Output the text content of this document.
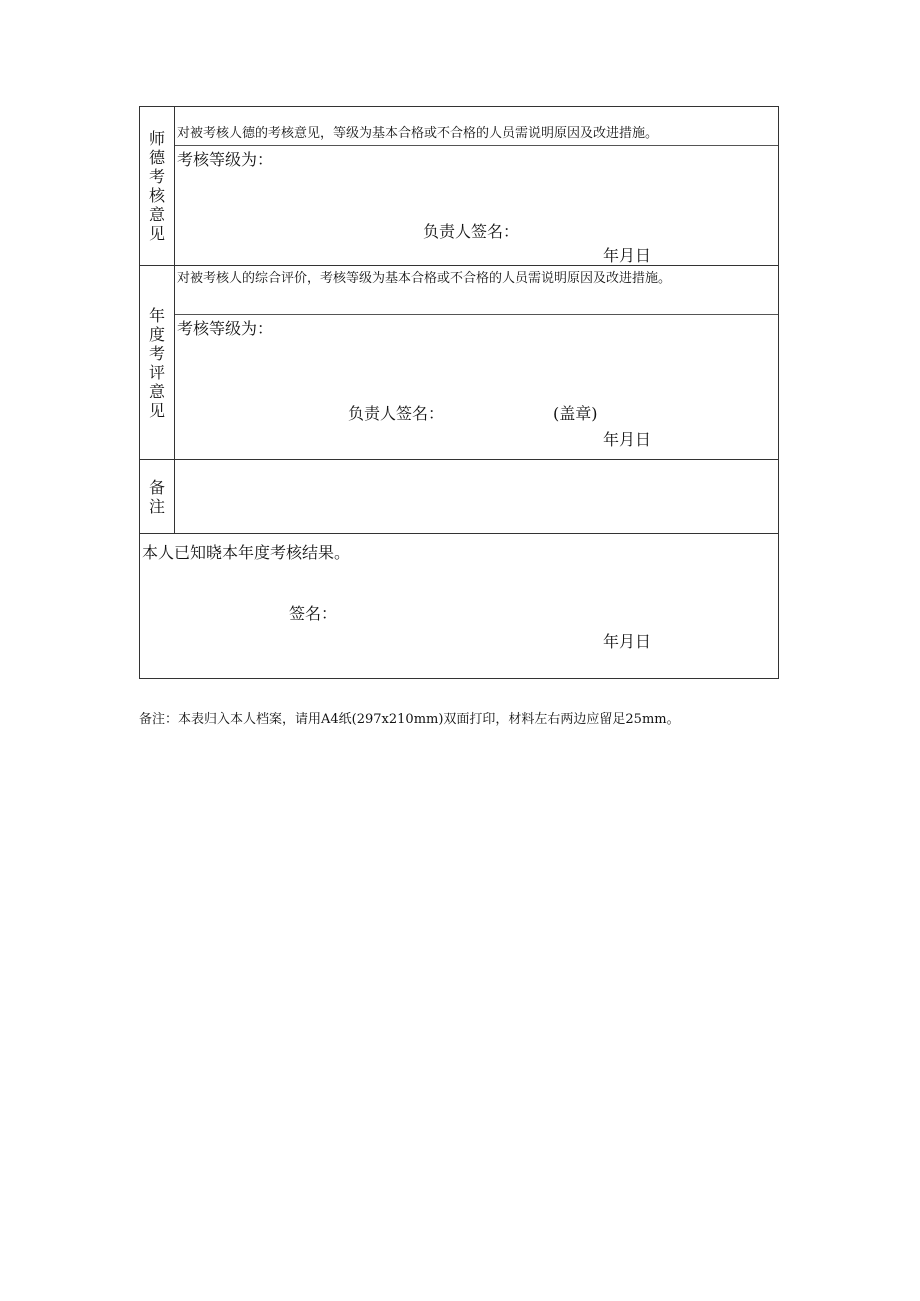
师德考核意见
对被考核人德的考核意见，等级为基本合格或不合格的人员需说明原因及改进措施。
考核等级为：
负责人签名：
年月日
年度考评意见
对被考核人的综合评价，考核等级为基本合格或不合格的人员需说明原因及改进措施。
考核等级为：
负责人签名：	(盖章)
年月日
备注
本人已知晓本年度考核结果。
签名：
年月日
备注：本表归入本人档案，请用A4纸(297x210mm)双面打印，材料左右两边应留足25mm。
